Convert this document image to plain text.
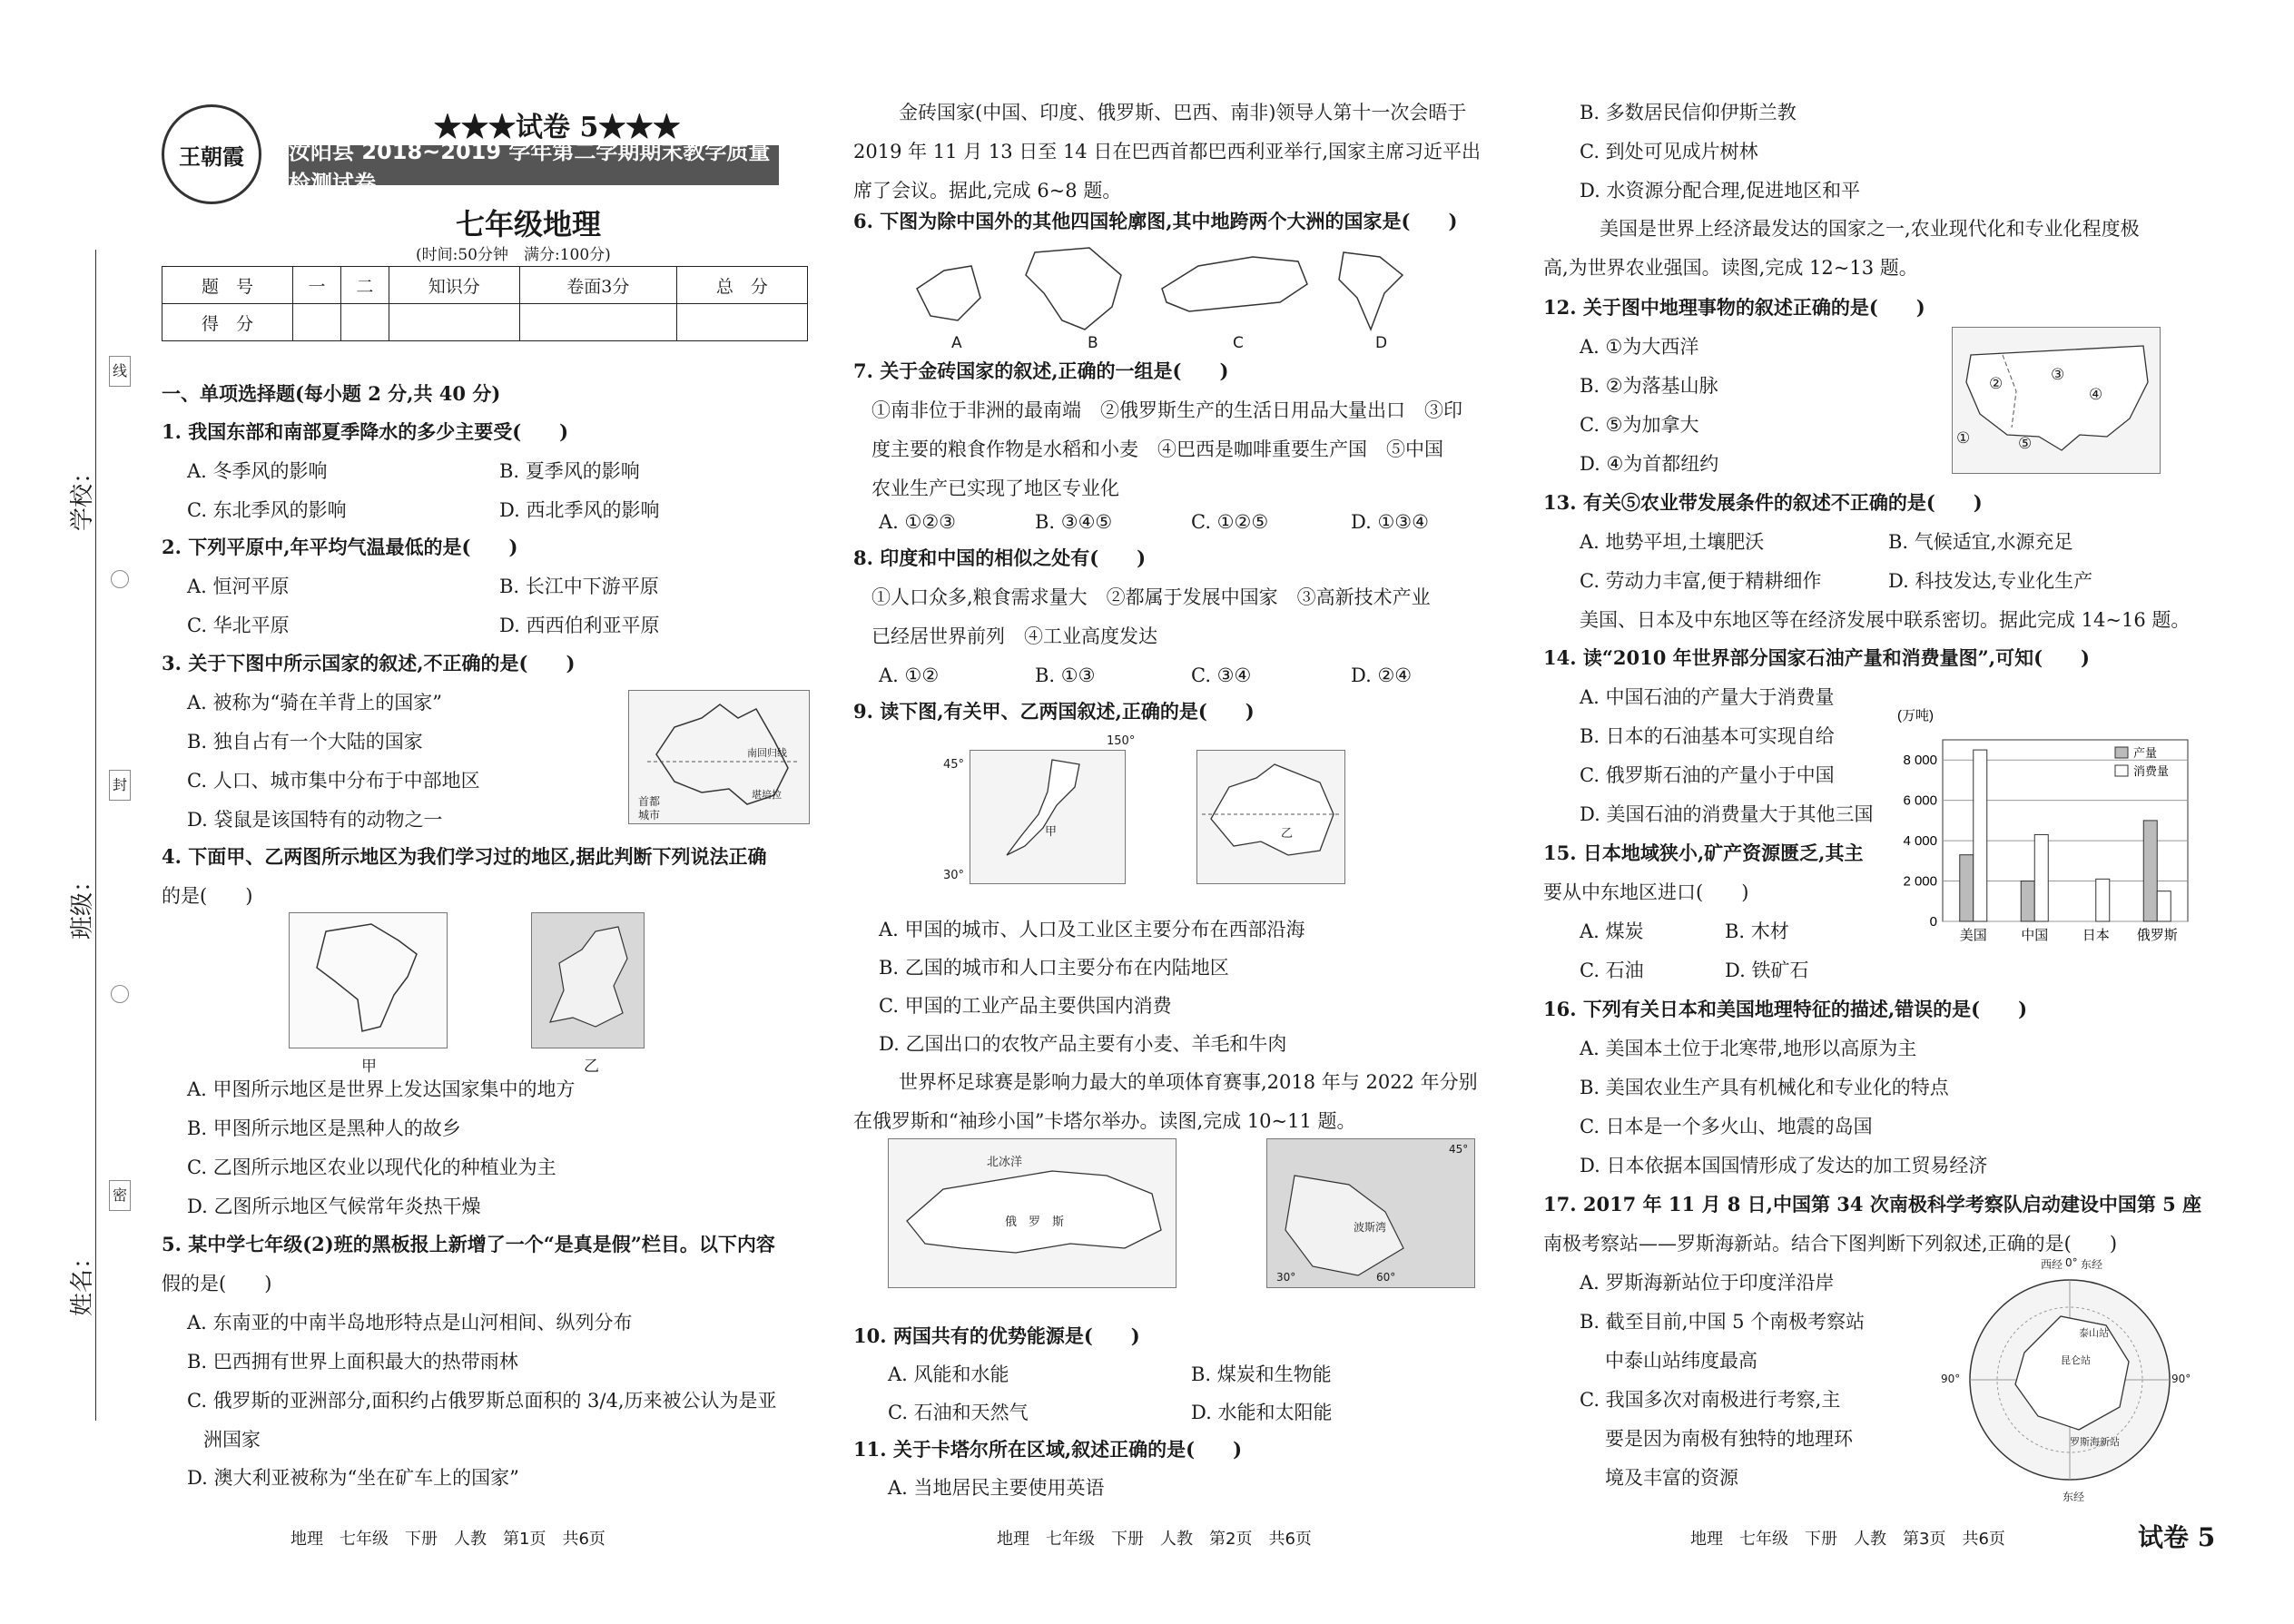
学校：
班级：
姓名：
线
封
密
王朝霞
★★★试卷 5★★★
汝阳县 2018~2019 学年第二学期期末教学质量检测试卷
七年级地理
(时间:50分钟　满分:100分)
题　号	一	二	知识分	卷面3分	总　分
得　分					
一、单项选择题(每小题 2 分,共 40 分)
1. 我国东部和南部夏季降水的多少主要受(　　)
A. 冬季风的影响	B. 夏季风的影响
C. 东北季风的影响	D. 西北季风的影响
2. 下列平原中,年平均气温最低的是(　　)
A. 恒河平原	B. 长江中下游平原
C. 华北平原	D. 西西伯利亚平原
3. 关于下图中所示国家的叙述,不正确的是(　　)
A. 被称为“骑在羊背上的国家”
B. 独自占有一个大陆的国家
C. 人口、城市集中分布于中部地区
D. 袋鼠是该国特有的动物之一
4. 下面甲、乙两图所示地区为我们学习过的地区,据此判断下列说法正确
的是(　　)
A. 甲图所示地区是世界上发达国家集中的地方
B. 甲图所示地区是黑种人的故乡
C. 乙图所示地区农业以现代化的种植业为主
D. 乙图所示地区气候常年炎热干燥
5. 某中学七年级(2)班的黑板报上新增了一个“是真是假”栏目。以下内容
假的是(　　)
A. 东南亚的中南半岛地形特点是山河相间、纵列分布
B. 巴西拥有世界上面积最大的热带雨林
C. 俄罗斯的亚洲部分,面积约占俄罗斯总面积的 3/4,历来被公认为是亚
洲国家
D. 澳大利亚被称为“坐在矿车上的国家”
首都
城市
南回归线
堪培拉
甲	乙
金砖国家(中国、印度、俄罗斯、巴西、南非)领导人第十一次会晤于
2019 年 11 月 13 日至 14 日在巴西首都巴西利亚举行,国家主席习近平出
席了会议。据此,完成 6~8 题。
6. 下图为除中国外的其他四国轮廓图,其中地跨两个大洲的国家是(　　)
7. 关于金砖国家的叙述,正确的一组是(　　)
①南非位于非洲的最南端　②俄罗斯生产的生活日用品大量出口　③印
度主要的粮食作物是水稻和小麦　④巴西是咖啡重要生产国　⑤中国
农业生产已实现了地区专业化
A. ①②③	B. ③④⑤	C. ①②⑤	D. ①③④
8. 印度和中国的相似之处有(　　)
①人口众多,粮食需求量大　②都属于发展中国家　③高新技术产业
已经居世界前列　④工业高度发达
A. ①②	B. ①③	C. ③④	D. ②④
9. 读下图,有关甲、乙两国叙述,正确的是(　　)
A. 甲国的城市、人口及工业区主要分布在西部沿海
B. 乙国的城市和人口主要分布在内陆地区
C. 甲国的工业产品主要供国内消费
D. 乙国出口的农牧产品主要有小麦、羊毛和牛肉
世界杯足球赛是影响力最大的单项体育赛事,2018 年与 2022 年分别
在俄罗斯和“袖珍小国”卡塔尔举办。读图,完成 10~11 题。
10. 两国共有的优势能源是(　　)
A. 风能和水能	B. 煤炭和生物能
C. 石油和天然气	D. 水能和太阳能
11. 关于卡塔尔所在区域,叙述正确的是(　　)
A. 当地居民主要使用英语
A	B	C	D
45°
150°
30°
甲	乙
北冰洋
俄　罗　斯
45°
30°	60°
波斯湾
B. 多数居民信仰伊斯兰教
C. 到处可见成片树林
D. 水资源分配合理,促进地区和平
美国是世界上经济最发达的国家之一,农业现代化和专业化程度极
高,为世界农业强国。读图,完成 12~13 题。
12. 关于图中地理事物的叙述正确的是(　　)
A. ①为大西洋
B. ②为落基山脉
C. ⑤为加拿大
D. ④为首都纽约
13. 有关⑤农业带发展条件的叙述不正确的是(　　)
A. 地势平坦,土壤肥沃	B. 气候适宜,水源充足
C. 劳动力丰富,便于精耕细作	D. 科技发达,专业化生产
美国、日本及中东地区等在经济发展中联系密切。据此完成 14~16 题。
14. 读“2010 年世界部分国家石油产量和消费量图”,可知(　　)
A. 中国石油的产量大于消费量
B. 日本的石油基本可实现自给
C. 俄罗斯石油的产量小于中国
D. 美国石油的消费量大于其他三国
15. 日本地域狭小,矿产资源匮乏,其主
要从中东地区进口(　　)
A. 煤炭	B. 木材
C. 石油	D. 铁矿石
16. 下列有关日本和美国地理特征的描述,错误的是(　　)
A. 美国本土位于北寒带,地形以高原为主
B. 美国农业生产具有机械化和专业化的特点
C. 日本是一个多火山、地震的岛国
D. 日本依据本国国情形成了发达的加工贸易经济
17. 2017 年 11 月 8 日,中国第 34 次南极科学考察队启动建设中国第 5 座
南极考察站——罗斯海新站。结合下图判断下列叙述,正确的是(　　)
A. 罗斯海新站位于印度洋沿岸
B. 截至目前,中国 5 个南极考察站
中泰山站纬度最高
C. 我国多次对南极进行考察,主
要是因为南极有独特的地理环
境及丰富的资源
①
②	③
④
⑤
0
2 000
4 000
6 000
8 000
(万吨)
美国 中国 日本 俄罗斯
产量
消费量
西经 0° 东经
90°	90°
东经
昆仑站
泰山站
罗斯海新站
地理　七年级　下册　人教　第1页　共6页	地理　七年级　下册　人教　第2页　共6页	地理　七年级　下册　人教　第3页　共6页	试卷 5
